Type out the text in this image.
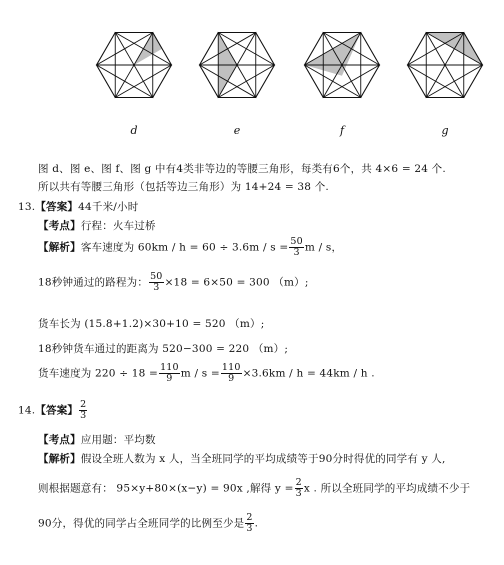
d	e	f	g
图 d、图 e、图 f、图 g 中有4类非等边的等腰三角形，每类有6个，共 4×6 = 24 个.
所以共有等腰三角形（包括等边三角形）为 14+24 = 38 个.
13.【答案】44千米/小时
【考点】行程：火车过桥
【解析】客车速度为 $60km / h = 60 \div 3.6m / s = \frac{50}{3}$ m / s，
18秒钟通过的路程为： $\frac{50}{3} \times 18 = 6\times 50 = 300$ （m）;
货车长为 (15.8+1.2)×30+10 = 520 （m）;
18秒钟货车通过的距离为 520−300 = 220 （m）;
货车速度为 $220 \div 18 = \frac{110}{9}$ $m / s = \frac{110}{9} \times 3.6km / h = 44km / h$ .
14.【答案】 $\frac{2}{3}$
【考点】应用题：平均数
【解析】假设全班人数为 x 人，当全班同学的平均成绩等于90分时得优的同学有 y 人,
则根据题意有： 95×y+80×(x−y) = 90x ,解得 $y = \frac{2}{3}$ x . 所以全班同学的平均成绩不少于
90分，得优的同学占全班同学的比例至少是 $\frac{2}{3}$ .
